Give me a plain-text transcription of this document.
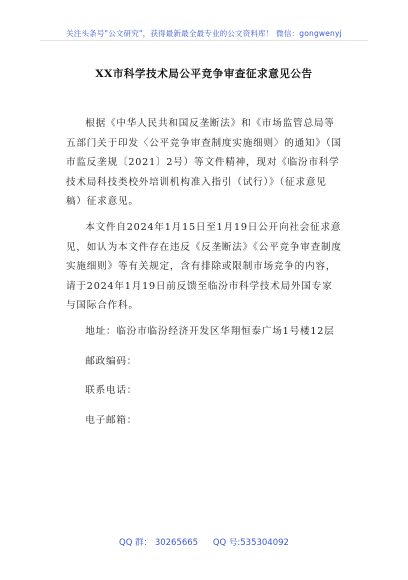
关注头条号"公文研究"，获得最新最全最专业的公文资料库！ 微信：gongwenyj
XX市科学技术局公平竞争审查征求意见公告

根据《中华人民共和国反垄断法》和《市场监管总局等五部门关于印发〈公平竞争审查制度实施细则〉的通知》（国市监反垄规〔2021〕2号）等文件精神，现对《临汾市科学技术局科技类校外培训机构准入指引（试行）》（征求意见稿）征求意见。

本文件自2024年1月15日至1月19日公开向社会征求意见，如认为本文件存在违反《反垄断法》《公平竞争审查制度实施细则》等有关规定，含有排除或限制市场竞争的内容，请于2024年1月19日前反馈至临汾市科学技术局外国专家与国际合作科。

地址：临汾市临汾经济开发区华翔恒泰广场1号楼12层

邮政编码：
联系电话：
电子邮箱：
QQ 群： 30265665 QQ 号:535304092
